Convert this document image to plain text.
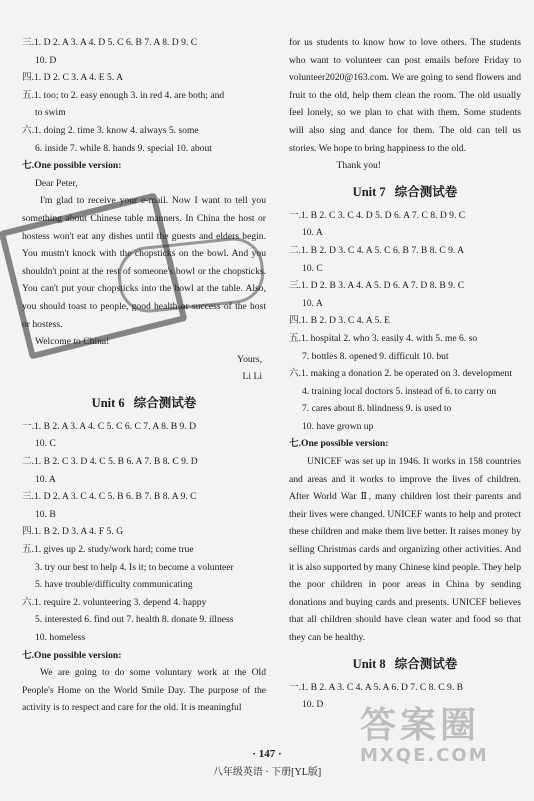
三.1. D 2. A 3. A 4. D 5. C 6. B 7. A 8. D 9. C
10. D
四.1. D 2. C 3. A 4. E 5. A
五.1. too; to 2. easy enough 3. in red 4. are both; and
to swim
六.1. doing 2. time 3. know 4. always 5. some
6. inside 7. while 8. hands 9. special 10. about
七.One possible version:
Dear Peter,
I'm glad to receive your e-mail. Now I want to tell you something about Chinese table manners. In China the host or hostess won't eat any dishes until the guests and elders begin. You mustn't knock with the chopsticks on the bowl. And you shouldn't point at the rest of someone's bowl or the chopsticks. You can't put your chopsticks into the bowl at the table. Also, you should toast to people, good health or success of the host or hostess.
Welcome to China!
Yours,
Li Li
Unit 6 综合测试卷
一.1. B 2. A 3. A 4. C 5. C 6. C 7. A 8. B 9. D
10. C
二.1. B 2. C 3. D 4. C 5. B 6. A 7. B 8. C 9. D
10. A
三.1. D 2. A 3. C 4. C 5. B 6. B 7. B 8. A 9. C
10. B
四.1. B 2. D 3. A 4. F 5. G
五.1. gives up 2. study/work hard; come true
3. try our best to help 4. Is it; to become a volunteer
5. have trouble/difficulty communicating
六.1. require 2. volunteering 3. depend 4. happy
5. interested 6. find out 7. health 8. donate 9. illness
10. homeless
七.One possible version:
We are going to do some voluntary work at the Old People's Home on the World Smile Day. The purpose of the activity is to respect and care for the old. It is meaningful
for us students to know how to love others. The students who want to volunteer can post emails before Friday to volunteer2020@163.com. We are going to send flowers and fruit to the old, help them clean the room. The old usually feel lonely, so we plan to chat with them. Some students will also sing and dance for them. The old can tell us stories. We hope to bring happiness to the old.
Thank you!
Unit 7 综合测试卷
一.1. B 2. C 3. C 4. D 5. D 6. A 7. C 8. D 9. C
10. A
二.1. B 2. D 3. C 4. A 5. C 6. B 7. B 8. C 9. A
10. C
三.1. D 2. B 3. A 4. A 5. D 6. A 7. D 8. B 9. C
10. A
四.1. B 2. D 3. C 4. A 5. E
五.1. hospital 2. who 3. easily 4. with 5. me 6. so
7. bottles 8. opened 9. difficult 10. but
六.1. making a donation 2. be operated on 3. development
4. training local doctors 5. instead of 6. to carry on
7. cares about 8. blindness 9. is used to
10. have grown up
七.One possible version:
UNICEF was set up in 1946. It works in 158 countries and areas and it works to improve the lives of children. After World War Ⅱ, many children lost their parents and their lives were changed. UNICEF wants to help and protect these children and make them live better. It raises money by selling Christmas cards and organizing other activities. And it is also supported by many Chinese kind people. They help the poor children in poor areas in China by sending donations and buying cards and presents. UNICEF believes that all children should have clean water and food so that they can be healthy.
Unit 8 综合测试卷
一.1. B 2. A 3. C 4. A 5. A 6. D 7. C 8. C 9. B
10. D
答案圈
MXQE.COM
· 147 ·
八年级英语 · 下册[YL版]
